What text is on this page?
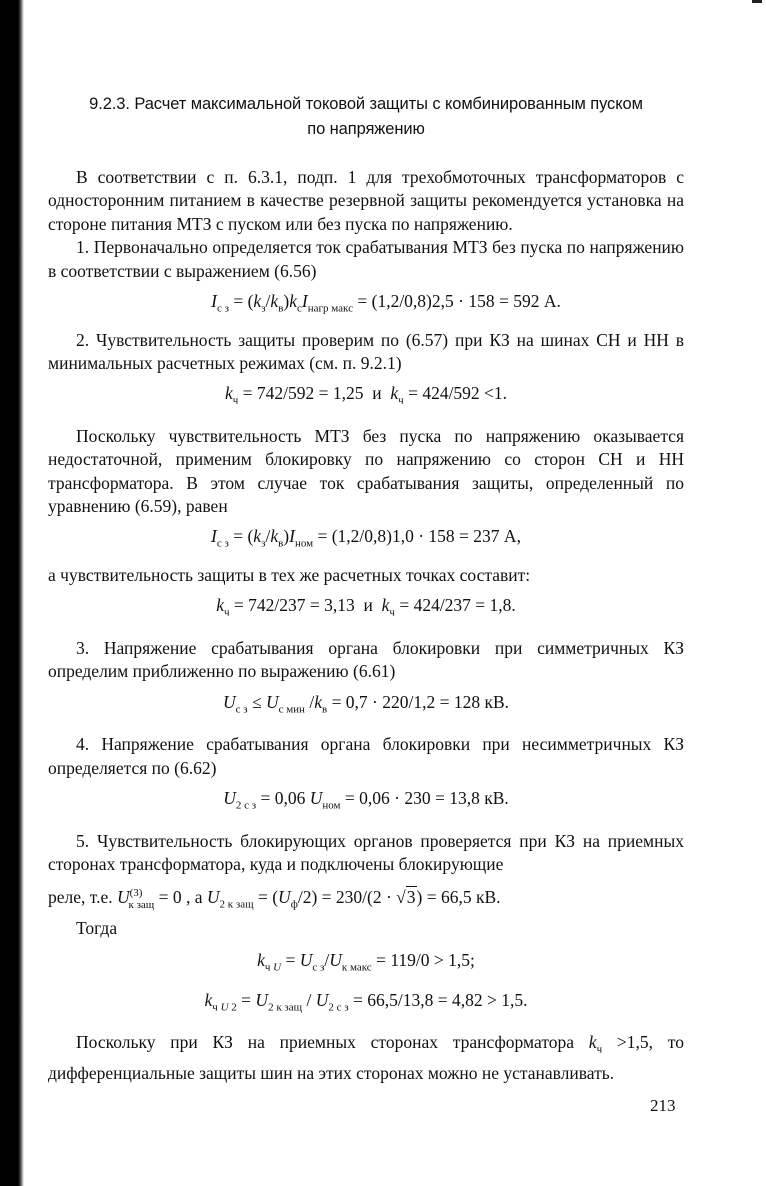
9.2.3. Расчет максимальной токовой защиты с комбинированным пуском
по напряжению

В соответствии с п. 6.3.1, подп. 1 для трехобмоточных трансформаторов с односторонним питанием в качестве резервной защиты рекомендуется установка на стороне питания МТЗ с пуском или без пуска по напряжению.

1. Первоначально определяется ток срабатывания МТЗ без пуска по напряжению в соответствии с выражением (6.56)

$I_{с з} = (k_з/k_в)k_сI_{нагр макс} = (1,2/0,8)2,5 \cdot 158 = 592$ А.

2. Чувствительность защиты проверим по (6.57) при КЗ на шинах СН и НН в минимальных расчетных режимах (см. п. 9.2.1)

$k_ч = 742/592 = 1,25$ и $k_ч = 424/592 <1$.

Поскольку чувствительность МТЗ без пуска по напряжению оказывается недостаточной, применим блокировку по напряжению со сторон СН и НН трансформатора. В этом случае ток срабатывания защиты, определенный по уравнению (6.59), равен

$I_{с з} = (k_з/k_в)I_{ном} = (1,2/0,8)1,0 \cdot 158 = 237$ А,

а чувствительность защиты в тех же расчетных точках составит:

$k_ч = 742/237 = 3,13$ и $k_ч = 424/237 = 1,8$.

3. Напряжение срабатывания органа блокировки при симметричных КЗ определим приближенно по выражению (6.61)

$U_{с з} \le U_{с мин}$ $/k_в = 0,7 \cdot 220/1,2 = 128$ кВ.

4. Напряжение срабатывания органа блокировки при несимметричных КЗ определяется по (6.62)

$U_{2 с з} = 0,06$ $U_{ном} = 0,06 \cdot 230 = 13,8$ кВ.

5. Чувствительность блокирующих органов проверяется при КЗ на приемных сторонах трансформатора, куда и подключены блокирующие

реле, т.е. $U^{(3)}_{к защ} = 0$ , а $U_{2 к защ} = (U_ф/2) = 230/(2 \cdot √3) = 66,5$ кВ.

Тогда

$k_{ч U} = U_{с з}/U_{к макс} = 119/0 > 1,5$;
$k_{ч U 2} = U_{2 к защ} / U_{2 с з} = 66,5/13,8 = 4,82 > 1,5$.

Поскольку при КЗ на приемных сторонах трансформатора $k_ч >1,5$, то дифференциальные защиты шин на этих сторонах можно не устанавливать.

213
